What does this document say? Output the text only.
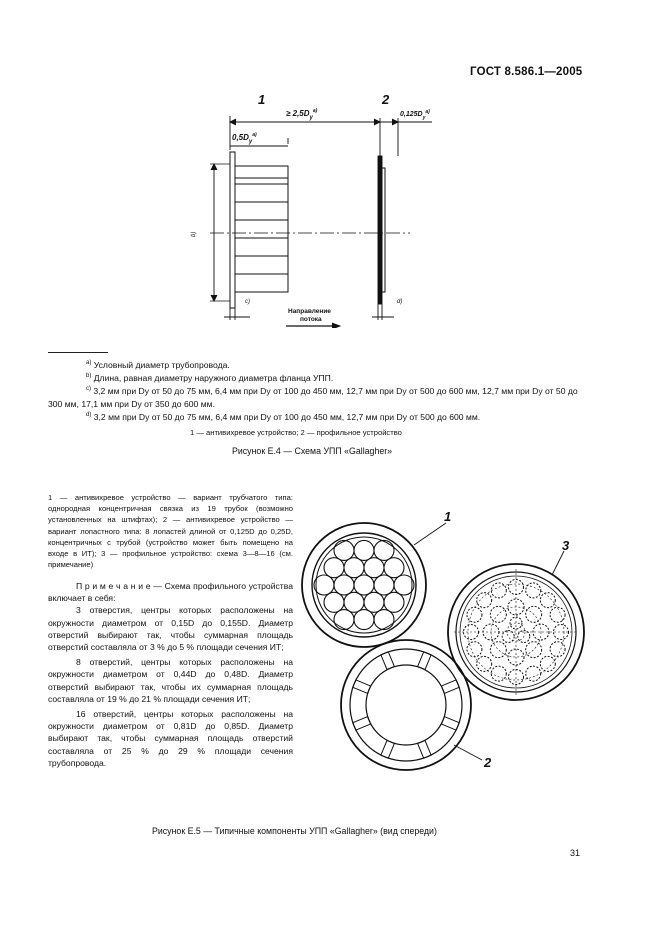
ГОСТ 8.586.1—2005
1	2
≥ $2,5D_y^{a)}$
$0,5D_y^{a)}$
$0,125D_y^{a)}$
b)
c)	d)
Направление
потока
$^{a)}$ Условный диаметр трубопровода.
$^{b)}$ Длина, равная диаметру наружного диаметра фланца УПП.
$^{c)}$ 3,2 мм при Dy от 50 до 75 мм, 6,4 мм при Dy от 100 до 450 мм, 12,7 мм при Dy от 500 до 600 мм, 12,7 мм при Dy от 50 до 300 мм, 17,1 мм при Dy от 350 до 600 мм.
$^{d)}$ 3,2 мм при Dy от 50 до 75 мм, 6,4 мм при Dy от 100 до 450 мм, 12,7 мм при Dy от 500 до 600 мм.
1 — антивихревое устройство; 2 — профильное устройство
Рисунок Е.4 — Схема УПП «Gallagher»
1 — антивихревое устройство — вариант трубчатого типа: однородная концентричная связка из 19 трубок (возможно установленных на штифтах); 2 — антивихревое устройство — вариант лопастного типа: 8 лопастей длиной от 0,125D до 0,25D, концентричных с трубой (устройство может быть помещено на входе в ИТ); 3 — профильное устройство: схема 3—8—16 (см. примечание)

П р и м е ч а н и е — Схема профильного устройства включает в себя:

3 отверстия, центры которых расположены на окружности диаметром от 0,15D до 0,155D. Диаметр отверстий выбирают так, чтобы суммарная площадь отверстий составляла от 3 % до 5 % площади сечения ИТ;

8 отверстий, центры которых расположены на окружности диаметром от 0,44D до 0,48D. Диаметр отверстий выбирают так, чтобы их суммарная площадь составляла от 19 % до 21 % площади сечения ИТ;

16 отверстий, центры которых расположены на окружности диаметром от 0,81D до 0,85D. Диаметр выбирают так, чтобы суммарная площадь отверстий составляла от 25 % до 29 % площади сечения трубопровода.

1
2
3
Рисунок Е.5 — Типичные компоненты УПП «Gallagher» (вид спереди)
31
